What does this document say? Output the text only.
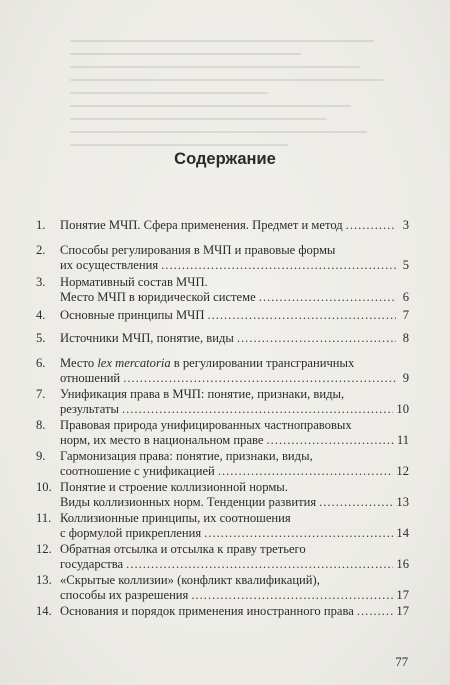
Содержание
1.	Понятие МЧП. Сфера применения. Предмет и метод .....	3
2.	Способы регулирования в МЧП и правовые формы
их осуществления .....	5
3.	Нормативный состав МЧП.
Место МЧП в юридической системе .....	6
4.	Основные принципы МЧП .....	7
5.	Источники МЧП, понятие, виды .....	8
6.	Место lex mercatoria в регулировании трансграничных
отношений .....	9
7.	Унификация права в МЧП: понятие, признаки, виды,
результаты .....	10
8.	Правовая природа унифицированных частноправовых
норм, их место в национальном праве .....	11
9.	Гармонизация права: понятие, признаки, виды,
соотношение с унификацией .....	12
10. Понятие и строение коллизионной нормы.
Виды коллизионных норм. Тенденции развития .....	13
11. Коллизионные принципы, их соотношения
с формулой прикрепления .....	14
12. Обратная отсылка и отсылка к праву третьего
государства .....	16
13. «Скрытые коллизии» (конфликт квалификаций),
способы их разрешения .....	17
14. Основания и порядок применения иностранного права .....	17
77
